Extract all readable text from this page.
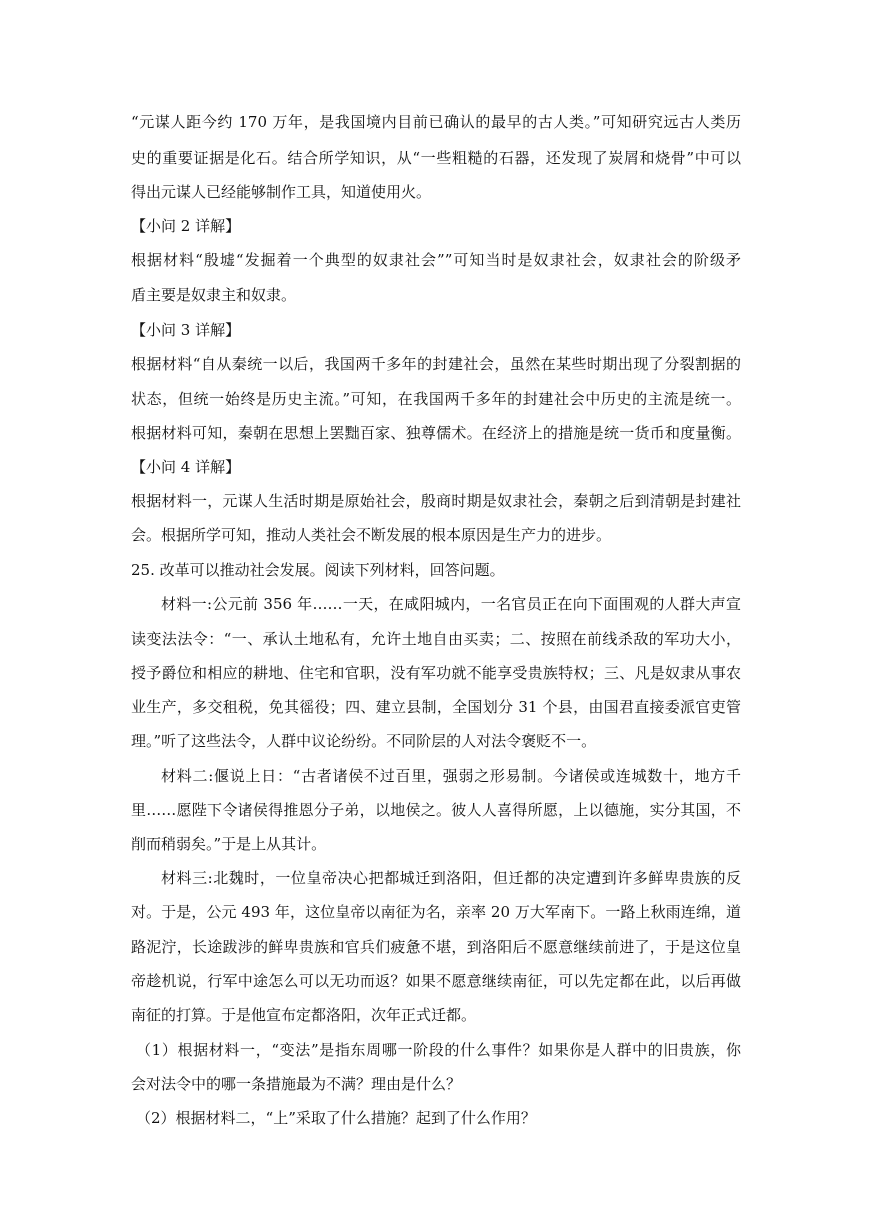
“元谋人距今约 170 万年，是我国境内目前已确认的最早的古人类。”可知研究远古人类历
史的重要证据是化石。结合所学知识，从“一些粗糙的石器，还发现了炭屑和烧骨”中可以
得出元谋人已经能够制作工具，知道使用火。
【小问 2 详解】
根据材料“殷墟“发掘着一个典型的奴隶社会””可知当时是奴隶社会，奴隶社会的阶级矛
盾主要是奴隶主和奴隶。
【小问 3 详解】
根据材料“自从秦统一以后，我国两千多年的封建社会，虽然在某些时期出现了分裂割据的
状态，但统一始终是历史主流。”可知，在我国两千多年的封建社会中历史的主流是统一。
根据材料可知，秦朝在思想上罢黜百家、独尊儒术。在经济上的措施是统一货币和度量衡。
【小问 4 详解】
根据材料一，元谋人生活时期是原始社会，殷商时期是奴隶社会，秦朝之后到清朝是封建社
会。根据所学可知，推动人类社会不断发展的根本原因是生产力的进步。
25. 改革可以推动社会发展。阅读下列材料，回答问题。
材料一:公元前 356 年……一天，在咸阳城内，一名官员正在向下面围观的人群大声宣
读变法法令：“一、承认土地私有，允许土地自由买卖；二、按照在前线杀敌的军功大小，
授予爵位和相应的耕地、住宅和官职，没有军功就不能享受贵族特权；三、凡是奴隶从事农
业生产，多交租税，免其徭役；四、建立县制，全国划分 31 个县，由国君直接委派官吏管
理。”听了这些法令，人群中议论纷纷。不同阶层的人对法令褒贬不一。
材料二:偃说上日：“古者诸侯不过百里，强弱之形易制。今诸侯或连城数十，地方千
里……愿陛下令诸侯得推恩分子弟，以地侯之。彼人人喜得所愿，上以德施，实分其国，不
削而稍弱矣。”于是上从其计。
材料三:北魏时，一位皇帝决心把都城迁到洛阳，但迁都的决定遭到许多鲜卑贵族的反
对。于是，公元 493 年，这位皇帝以南征为名，亲率 20 万大军南下。一路上秋雨连绵，道
路泥泞，长途跋涉的鲜卑贵族和官兵们疲惫不堪，到洛阳后不愿意继续前进了，于是这位皇
帝趁机说，行军中途怎么可以无功而返？如果不愿意继续南征，可以先定都在此，以后再做
南征的打算。于是他宣布定都洛阳，次年正式迁都。
（1）根据材料一，“变法”是指东周哪一阶段的什么事件？如果你是人群中的旧贵族，你
会对法令中的哪一条措施最为不满？理由是什么？
（2）根据材料二，“上”采取了什么措施？起到了什么作用？
